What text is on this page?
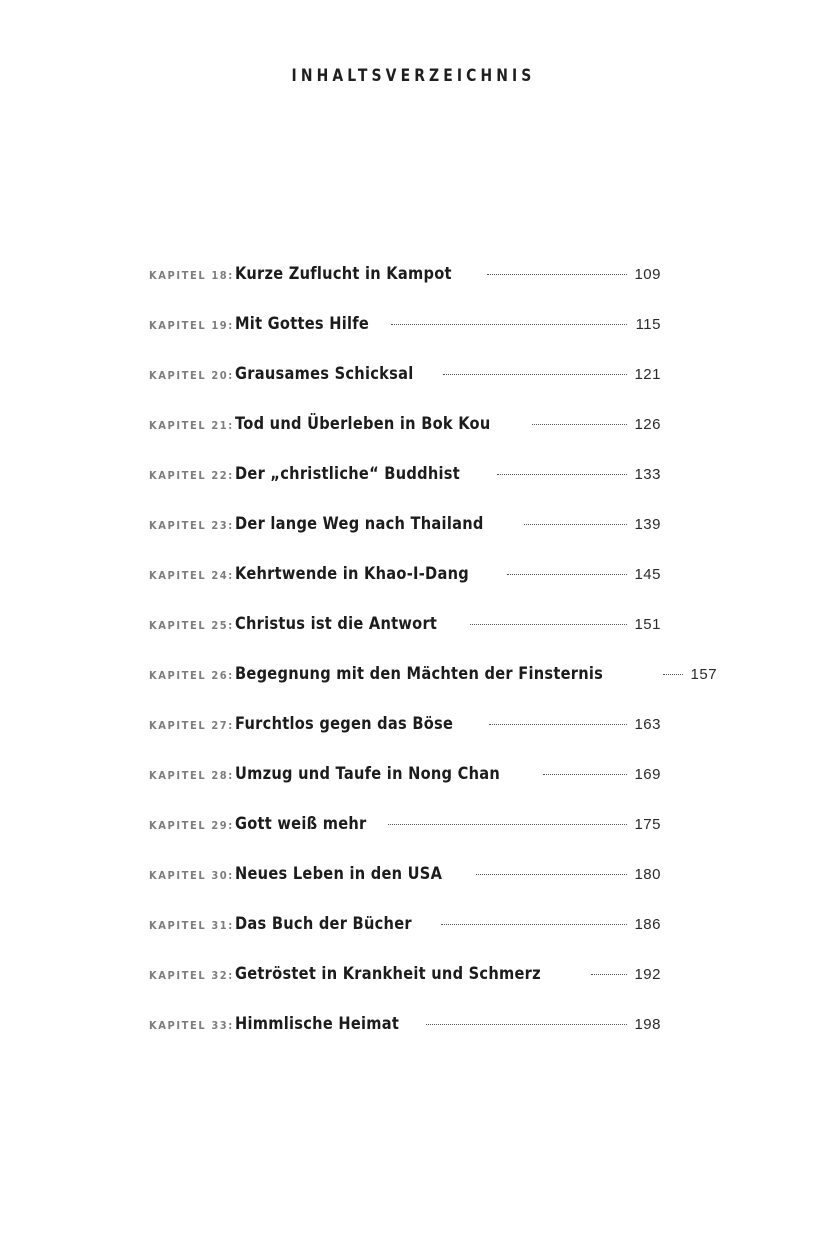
INHALTSVERZEICHNIS
KAPITEL 18: Kurze Zuflucht in Kampot	109
KAPITEL 19: Mit Gottes Hilfe	115
KAPITEL 20: Grausames Schicksal	121
KAPITEL 21: Tod und Überleben in Bok Kou	126
KAPITEL 22: Der „christliche“ Buddhist	133
KAPITEL 23: Der lange Weg nach Thailand	139
KAPITEL 24: Kehrtwende in Khao-I-Dang	145
KAPITEL 25: Christus ist die Antwort	151
KAPITEL 26: Begegnung mit den Mächten der Finsternis	157
KAPITEL 27: Furchtlos gegen das Böse	163
KAPITEL 28: Umzug und Taufe in Nong Chan	169
KAPITEL 29: Gott weiß mehr	175
KAPITEL 30: Neues Leben in den USA	180
KAPITEL 31: Das Buch der Bücher	186
KAPITEL 32: Getröstet in Krankheit und Schmerz	192
KAPITEL 33: Himmlische Heimat	198
